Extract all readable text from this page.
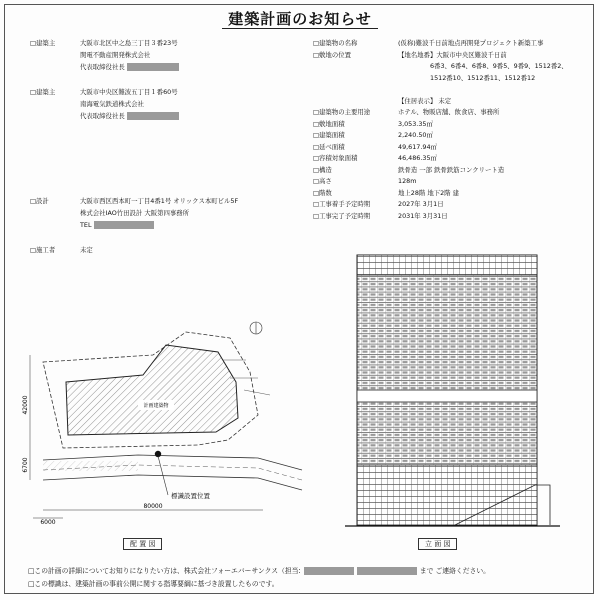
建築計画のお知らせ
□建築主	大阪市北区中之島三丁目３番23号
関電不動産開発株式会社
代表取締役社長
□建築主	大阪市中央区難波五丁目１番60号
南海電気鉄道株式会社
代表取締役社長
□設計	大阪市西区西本町一丁目4番1号 オリックス本町ビル5F
株式会社IAO竹田設計 大阪第四事務所
TEL
□施工者	未定
□建築物の名称	(仮称)難波千日前地点再開発プロジェクト新築工事
□敷地の位置	【地名地番】大阪市中央区難波千日前
6番3、6番4、6番8、9番5、9番9、1512番2、
1512番10、1512番11、1512番12
【住居表示】 未定
□建築物の主要用途	ホテル、物販店舗、飲食店、事務所
□敷地面積	3,053.35㎡
□建築面積	2,240.50㎡
□延べ面積	49,617.94㎡
□容積対象面積	46,486.35㎡
□構造	鉄骨造 一部 鉄骨鉄筋コンクリート造
□高さ	128m
□階数	地上28階 地下2階 建
□工事着手予定時期	2027年 3月1日
□工事完了予定時期	2031年 3月31日
計画建築物
42000
6700
80000
6000
標識設置位置
配 置 図	立 面 図
□この計画の詳細についてお知りになりたい方は、株式会社フォーエバーサンクス（担当:	まで ご連絡ください。
□この標識は、建築計画の事前公開に関する指導要綱に基づき設置したものです。
